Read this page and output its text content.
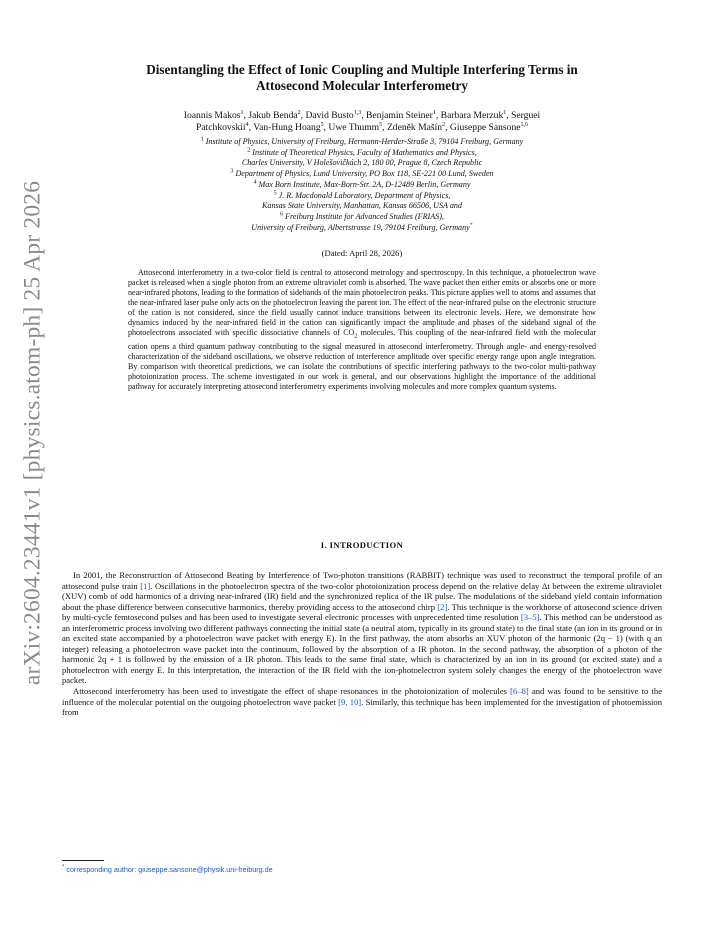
arXiv:2604.23441v1 [physics.atom-ph] 25 Apr 2026
Disentangling the Effect of Ionic Coupling and Multiple Interfering Terms in
Attosecond Molecular Interferometry
Ioannis Makos$^1$, Jakub Benda$^2$, David Busto$^{1,3}$, Benjamin Steiner$^1$, Barbara Merzuk$^1$, Serguei
Patchkovskii$^4$, Van-Hung Hoang$^5$, Uwe Thumm$^5$, Zdeněk Mašín$^2$, Giuseppe Sansone$^{1,6}$
$^1$ Institute of Physics, University of Freiburg, Hermann-Herder-Straße 3, 79104 Freiburg, Germany
$^2$ Institute of Theoretical Physics, Faculty of Mathematics and Physics,
Charles University, V Holešovičkách 2, 180 00, Prague 8, Czech Republic
$^3$ Department of Physics, Lund University, PO Box 118, SE-221 00 Lund, Sweden
$^4$ Max Born Institute, Max-Born-Str. 2A, D-12489 Berlin, Germany
$^5$ J. R. Macdonald Laboratory, Department of Physics,
Kansas State University, Manhattan, Kansas 66506, USA and
$^6$ Freiburg Institute for Advanced Studies (FRIAS),
University of Freiburg, Albertstrasse 19, 79104 Freiburg, Germany*
(Dated: April 28, 2026)

Attosecond interferometry in a two-color field is central to attosecond metrology and spectroscopy. In this technique, a photoelectron wave packet is released when a single photon from an extreme ultraviolet comb is absorbed. The wave packet then either emits or absorbs one or more near-infrared photons, leading to the formation of sidebands of the main photoelectron peaks. This picture applies well to atoms and assumes that the near-infrared laser pulse only acts on the photoelectron leaving the parent ion. The effect of the near-infrared pulse on the electronic structure of the cation is not considered, since the field usually cannot induce transitions between its electronic levels. Here, we demonstrate how dynamics induced by the near-infrared field in the cation can significantly impact the amplitude and phases of the sideband signal of the photoelectrons associated with specific dissociative channels of $CO_2$ molecules. This coupling of the near-infrared field with the molecular cation opens a third quantum pathway contributing to the signal measured in attosecond interferometry. Through angle- and energy-resolved characterization of the sideband oscillations, we observe reduction of interference amplitude over specific energy range upon angle integration. By comparison with theoretical predictions, we can isolate the contributions of specific interfering pathways to the two-color multi-pathway photoionization process. The scheme investigated in our work is general, and our observations highlight the importance of the additional pathway for accurately interpreting attosecond interferometry experiments involving molecules and more complex quantum systems.

I. INTRODUCTION

In 2001, the Reconstruction of Attosecond Beating by Interference of Two-photon transitions (RABBIT) technique was used to reconstruct the temporal profile of an attosecond pulse train [1]. Oscillations in the photoelectron spectra of the two-color photoionization process depend on the relative delay Δt between the extreme ultraviolet (XUV) comb of odd harmonics of a driving near-infrared (IR) field and the synchronized replica of the IR pulse. The modulations of the sideband yield contain information about the phase difference between consecutive harmonics, thereby providing access to the attosecond chirp [2]. This technique is the workhorse of attosecond science driven by multi-cycle femtosecond pulses and has been used to investigate several electronic processes with unprecedented time resolution [3–5]. This method can be understood as an interferometric process involving two different pathways connecting the initial state (a neutral atom, typically in its ground state) to the final state (an ion in its ground or in an excited state accompanied by a photoelectron wave packet with energy E). In the first pathway, the atom absorbs an XUV photon of the harmonic (2q − 1) (with q an integer) releasing a photoelectron wave packet into the continuum, followed by the absorption of a IR photon. In the second pathway, the absorption of a photon of the harmonic 2q + 1 is followed by the emission of a IR photon. This leads to the same final state, which is characterized by an ion in its ground (or excited state) and a photoelectron with energy E. In this interpretation, the interaction of the IR field with the ion-photoelectron system solely changes the energy of the photoelectron wave packet.

Attosecond interferometry has been used to investigate the effect of shape resonances in the photoionization of molecules [6–8] and was found to be sensitive to the influence of the molecular potential on the outgoing photoelectron wave packet [9, 10]. Similarly, this technique has been implemented for the investigation of photoemission from

* corresponding author: giuseppe.sansone@physik.uni-freiburg.de
